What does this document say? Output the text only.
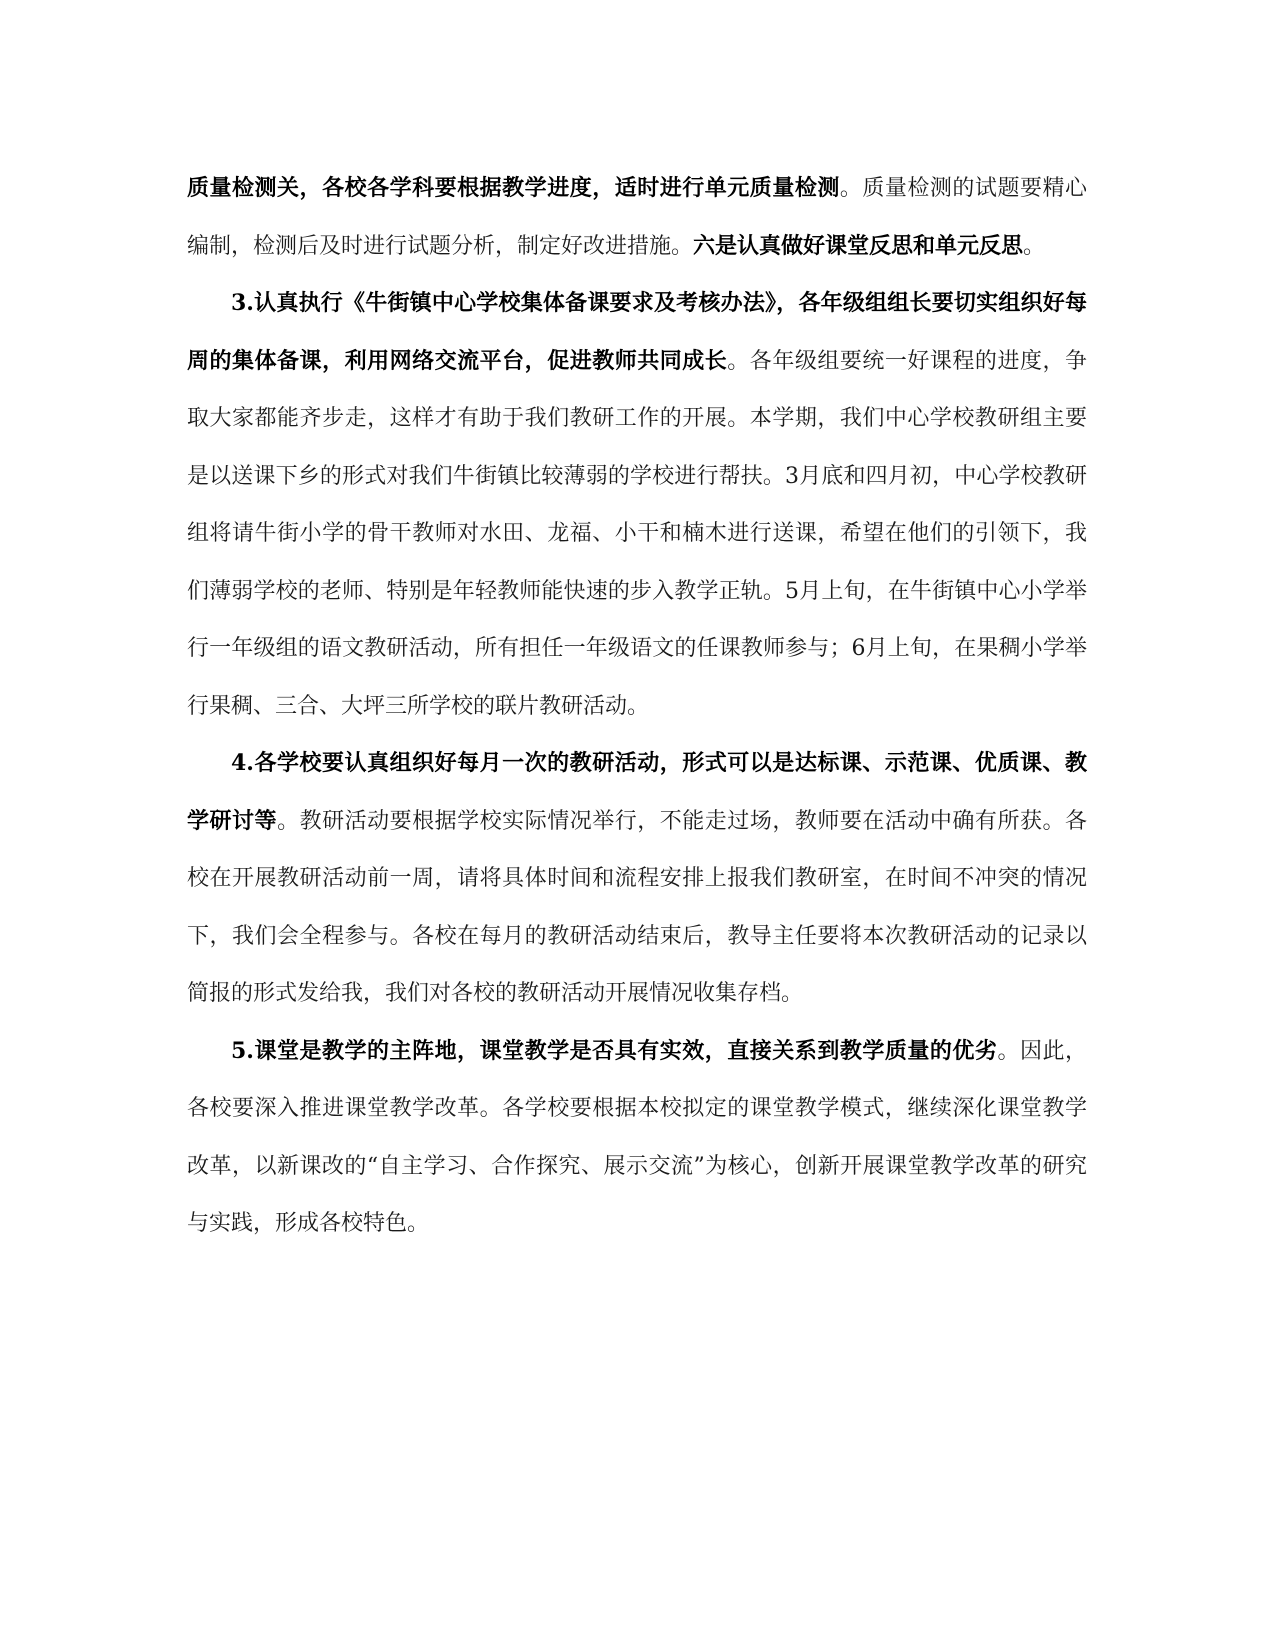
质量检测关，各校各学科要根据教学进度，适时进行单元质量检测。质量检测的试题要精心编制，检测后及时进行试题分析，制定好改进措施。六是认真做好课堂反思和单元反思。

3.认真执行《牛街镇中心学校集体备课要求及考核办法》，各年级组组长要切实组织好每周的集体备课，利用网络交流平台，促进教师共同成长。各年级组要统一好课程的进度，争取大家都能齐步走，这样才有助于我们教研工作的开展。本学期，我们中心学校教研组主要是以送课下乡的形式对我们牛街镇比较薄弱的学校进行帮扶。3月底和四月初，中心学校教研组将请牛街小学的骨干教师对水田、龙福、小干和楠木进行送课，希望在他们的引领下，我们薄弱学校的老师、特别是年轻教师能快速的步入教学正轨。5月上旬，在牛街镇中心小学举行一年级组的语文教研活动，所有担任一年级语文的任课教师参与；6月上旬，在果稠小学举行果稠、三合、大坪三所学校的联片教研活动。

4.各学校要认真组织好每月一次的教研活动，形式可以是达标课、示范课、优质课、教学研讨等。教研活动要根据学校实际情况举行，不能走过场，教师要在活动中确有所获。各校在开展教研活动前一周，请将具体时间和流程安排上报我们教研室，在时间不冲突的情况下，我们会全程参与。各校在每月的教研活动结束后，教导主任要将本次教研活动的记录以简报的形式发给我，我们对各校的教研活动开展情况收集存档。

5.课堂是教学的主阵地，课堂教学是否具有实效，直接关系到教学质量的优劣。因此，各校要深入推进课堂教学改革。各学校要根据本校拟定的课堂教学模式，继续深化课堂教学改革，以新课改的“自主学习、合作探究、展示交流”为核心，创新开展课堂教学改革的研究与实践，形成各校特色。
